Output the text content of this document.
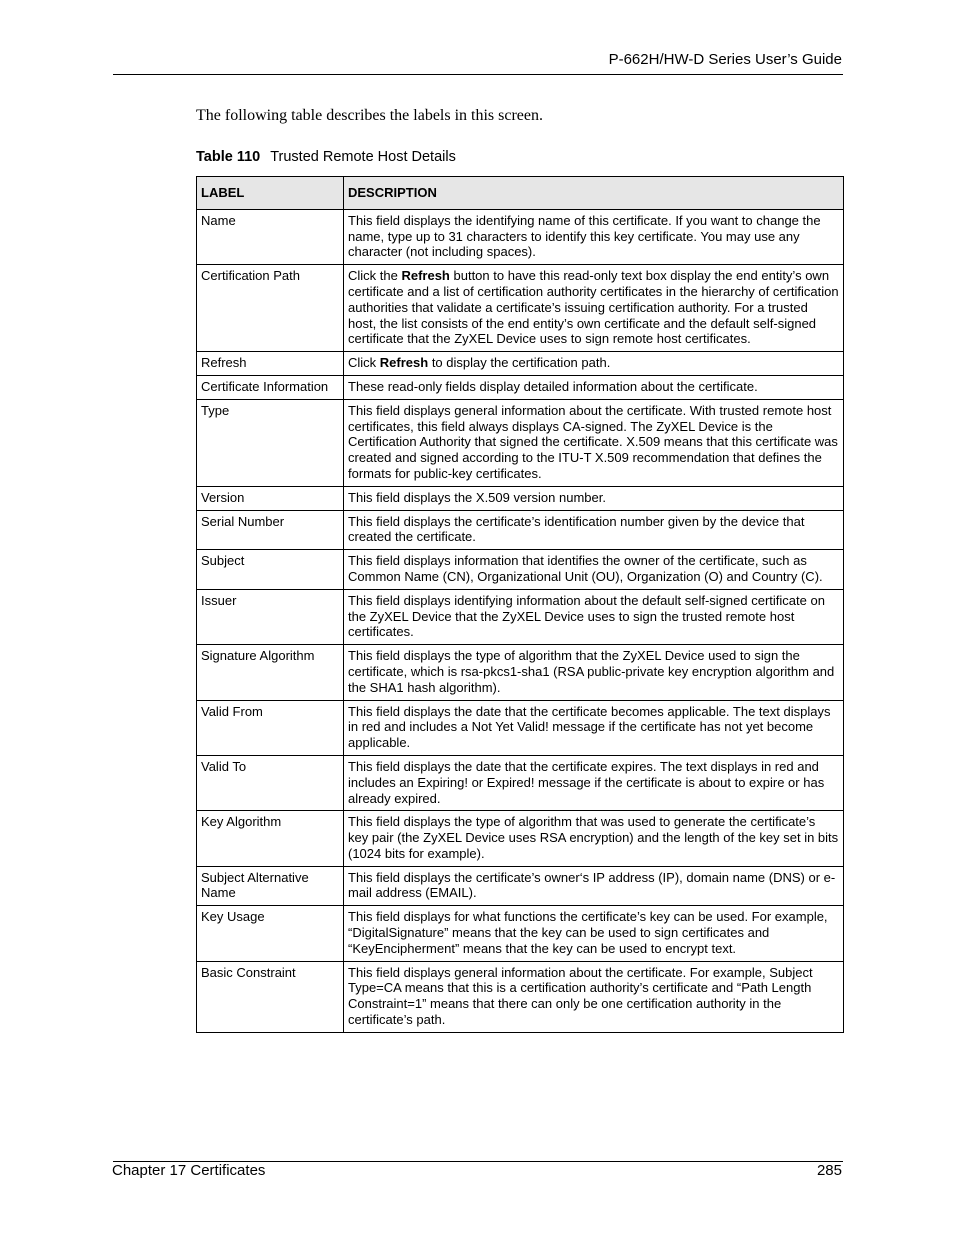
P-662H/HW-D Series User’s Guide
The following table describes the labels in this screen.
Table 110 Trusted Remote Host Details
LABEL	DESCRIPTION
Name	This field displays the identifying name of this certificate. If you want to change the name, type up to 31 characters to identify this key certificate. You may use any character (not including spaces).
Certification Path	Click the Refresh button to have this read-only text box display the end entity’s own certificate and a list of certification authority certificates in the hierarchy of certification authorities that validate a certificate’s issuing certification authority. For a trusted host, the list consists of the end entity’s own certificate and the default self-signed certificate that the ZyXEL Device uses to sign remote host certificates.
Refresh	Click Refresh to display the certification path.
Certificate Information	These read-only fields display detailed information about the certificate.
Type	This field displays general information about the certificate. With trusted remote host certificates, this field always displays CA-signed. The ZyXEL Device is the Certification Authority that signed the certificate. X.509 means that this certificate was created and signed according to the ITU-T X.509 recommendation that defines the formats for public-key certificates.
Version	This field displays the X.509 version number.
Serial Number	This field displays the certificate’s identification number given by the device that created the certificate.
Subject	This field displays information that identifies the owner of the certificate, such as Common Name (CN), Organizational Unit (OU), Organization (O) and Country (C).
Issuer	This field displays identifying information about the default self-signed certificate on the ZyXEL Device that the ZyXEL Device uses to sign the trusted remote host certificates.
Signature Algorithm	This field displays the type of algorithm that the ZyXEL Device used to sign the certificate, which is rsa-pkcs1-sha1 (RSA public-private key encryption algorithm and the SHA1 hash algorithm).
Valid From	This field displays the date that the certificate becomes applicable. The text displays in red and includes a Not Yet Valid! message if the certificate has not yet become applicable.
Valid To	This field displays the date that the certificate expires. The text displays in red and includes an Expiring! or Expired! message if the certificate is about to expire or has already expired.
Key Algorithm	This field displays the type of algorithm that was used to generate the certificate’s key pair (the ZyXEL Device uses RSA encryption) and the length of the key set in bits (1024 bits for example).
Subject Alternative Name	This field displays the certificate’s owner‘s IP address (IP), domain name (DNS) or e-mail address (EMAIL).
Key Usage	This field displays for what functions the certificate’s key can be used. For example, “DigitalSignature” means that the key can be used to sign certificates and “KeyEncipherment” means that the key can be used to encrypt text.
Basic Constraint	This field displays general information about the certificate. For example, Subject Type=CA means that this is a certification authority’s certificate and “Path Length Constraint=1” means that there can only be one certification authority in the certificate’s path.
Chapter 17 Certificates	285
